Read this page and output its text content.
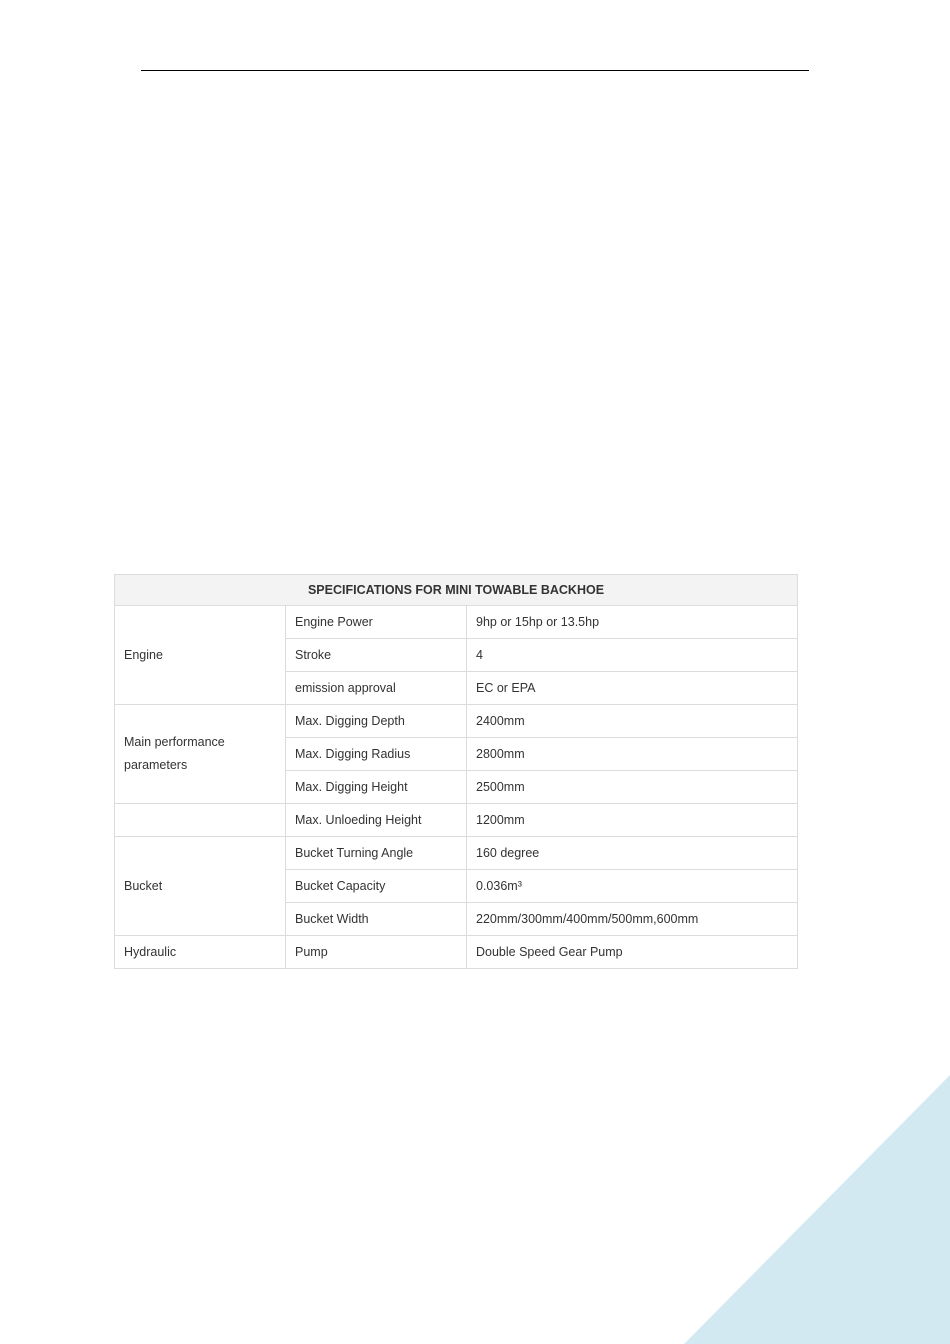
SPECIFICATIONS FOR MINI TOWABLE BACKHOE		
Engine	Engine Power	9hp or 15hp or 13.5hp
	Stroke	4
	emission approval	EC or EPA
Main performance parameters	Max. Digging Depth	2400mm
	Max. Digging Radius	2800mm
	Max. Digging Height	2500mm
	Max. Unloeding Height	1200mm
Bucket	Bucket Turning Angle	160 degree
	Bucket Capacity	0.036m³
	Bucket Width	220mm/300mm/400mm/500mm,600mm
Hydraulic	Pump	Double Speed Gear Pump
